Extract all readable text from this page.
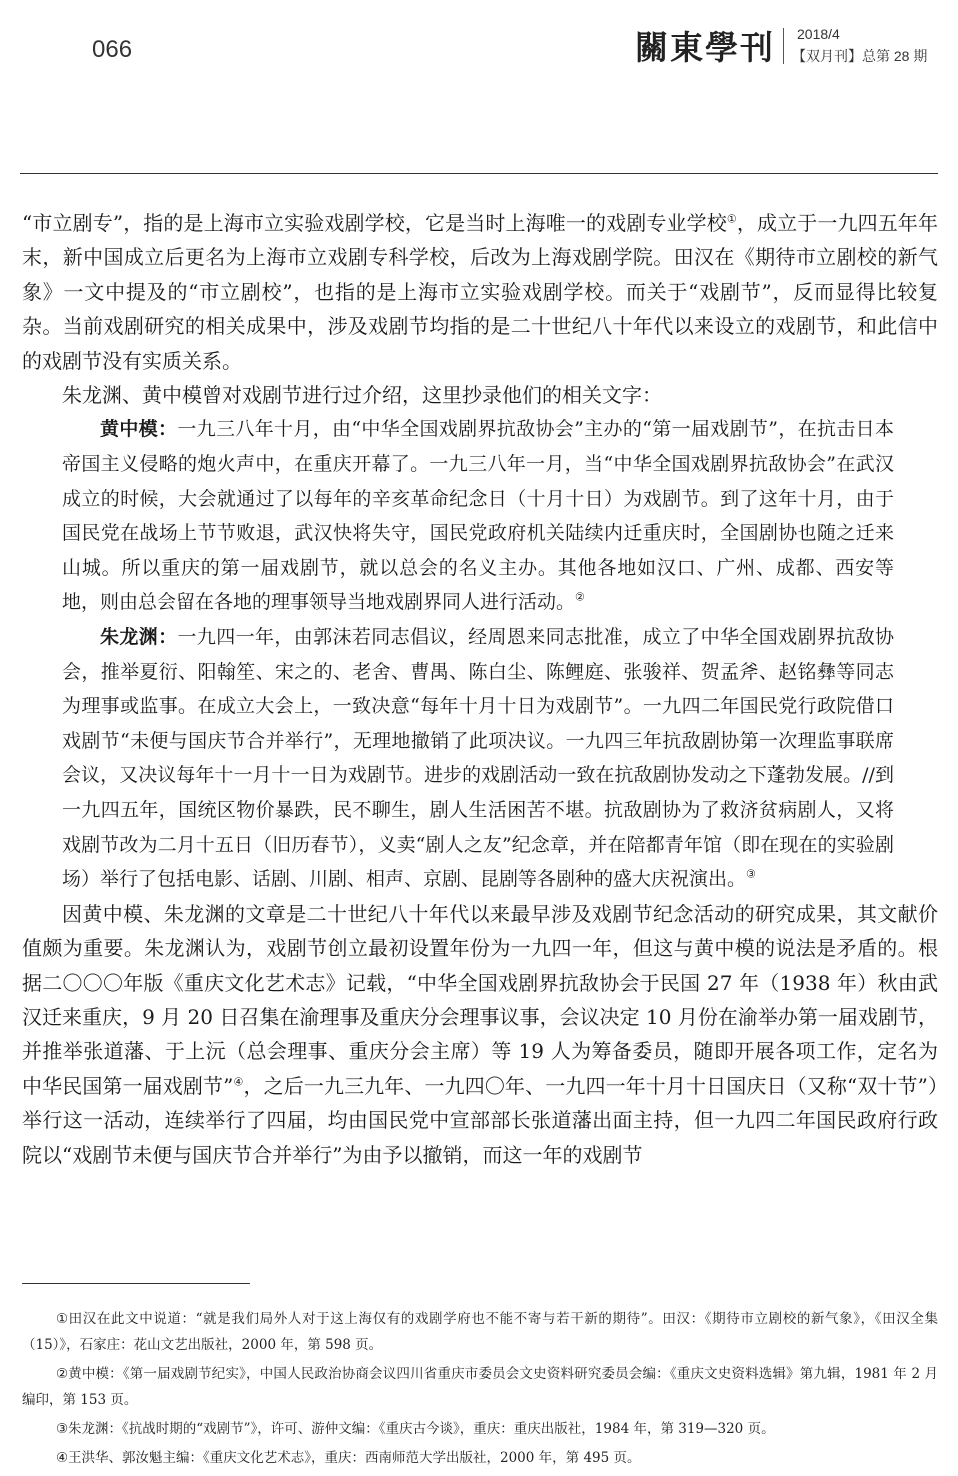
066	關東學刊 2018/4
【双月刊】总第 28 期

“市立剧专”，指的是上海市立实验戏剧学校，它是当时上海唯一的戏剧专业学校①，成立于一九四五年年末，新中国成立后更名为上海市立戏剧专科学校，后改为上海戏剧学院。田汉在《期待市立剧校的新气象》一文中提及的“市立剧校”，也指的是上海市立实验戏剧学校。而关于“戏剧节”，反而显得比较复杂。当前戏剧研究的相关成果中，涉及戏剧节均指的是二十世纪八十年代以来设立的戏剧节，和此信中的戏剧节没有实质关系。

朱龙渊、黄中模曾对戏剧节进行过介绍，这里抄录他们的相关文字：

黄中模：一九三八年十月，由“中华全国戏剧界抗敌协会”主办的“第一届戏剧节”，在抗击日本帝国主义侵略的炮火声中，在重庆开幕了。一九三八年一月，当“中华全国戏剧界抗敌协会”在武汉成立的时候，大会就通过了以每年的辛亥革命纪念日（十月十日）为戏剧节。到了这年十月，由于国民党在战场上节节败退，武汉快将失守，国民党政府机关陆续内迁重庆时，全国剧协也随之迁来山城。所以重庆的第一届戏剧节，就以总会的名义主办。其他各地如汉口、广州、成都、西安等地，则由总会留在各地的理事领导当地戏剧界同人进行活动。②

朱龙渊：一九四一年，由郭沫若同志倡议，经周恩来同志批准，成立了中华全国戏剧界抗敌协会，推举夏衍、阳翰笙、宋之的、老舍、曹禺、陈白尘、陈鲤庭、张骏祥、贺孟斧、赵铭彝等同志为理事或监事。在成立大会上，一致决意“每年十月十日为戏剧节”。一九四二年国民党行政院借口戏剧节“未便与国庆节合并举行”，无理地撤销了此项决议。一九四三年抗敌剧协第一次理监事联席会议，又决议每年十一月十一日为戏剧节。进步的戏剧活动一致在抗敌剧协发动之下蓬勃发展。//到一九四五年，国统区物价暴跌，民不聊生，剧人生活困苦不堪。抗敌剧协为了救济贫病剧人，又将戏剧节改为二月十五日（旧历春节），义卖“剧人之友”纪念章，并在陪都青年馆（即在现在的实验剧场）举行了包括电影、话剧、川剧、相声、京剧、昆剧等各剧种的盛大庆祝演出。③

因黄中模、朱龙渊的文章是二十世纪八十年代以来最早涉及戏剧节纪念活动的研究成果，其文献价值颇为重要。朱龙渊认为，戏剧节创立最初设置年份为一九四一年，但这与黄中模的说法是矛盾的。根据二〇〇〇年版《重庆文化艺术志》记载，“中华全国戏剧界抗敌协会于民国 27 年（1938 年）秋由武汉迁来重庆，9 月 20 日召集在渝理事及重庆分会理事议事，会议决定 10 月份在渝举办第一届戏剧节，并推举张道藩、于上沅（总会理事、重庆分会主席）等 19 人为筹备委员，随即开展各项工作，定名为中华民国第一届戏剧节”④，之后一九三九年、一九四〇年、一九四一年十月十日国庆日（又称“双十节”）举行这一活动，连续举行了四届，均由国民党中宣部部长张道藩出面主持，但一九四二年国民政府行政院以“戏剧节未便与国庆节合并举行”为由予以撤销，而这一年的戏剧节

①田汉在此文中说道：“就是我们局外人对于这上海仅有的戏剧学府也不能不寄与若干新的期待”。田汉：《期待市立剧校的新气象》，《田汉全集（15）》，石家庄：花山文艺出版社，2000 年，第 598 页。

②黄中模：《第一届戏剧节纪实》，中国人民政治协商会议四川省重庆市委员会文史资料研究委员会编：《重庆文史资料选辑》第九辑，1981 年 2 月编印，第 153 页。

③朱龙渊：《抗战时期的“戏剧节”》，许可、游仲文编：《重庆古今谈》，重庆：重庆出版社，1984 年，第 319—320 页。

④王洪华、郭汝魁主编：《重庆文化艺术志》，重庆：西南师范大学出版社，2000 年，第 495 页。
